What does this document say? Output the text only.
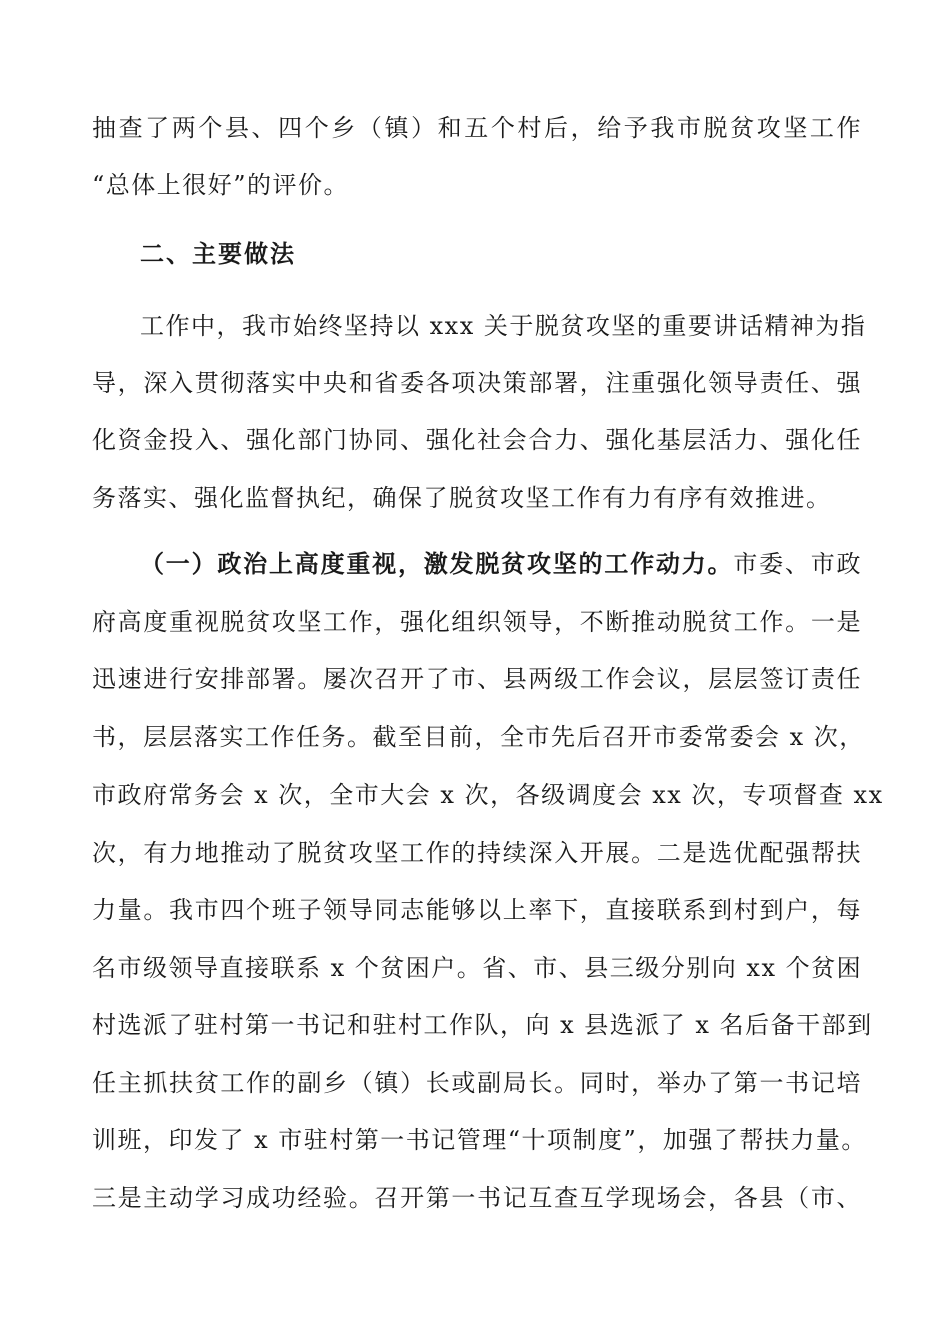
抽查了两个县、四个乡（镇）和五个村后，给予我市脱贫攻坚工作
“总体上很好”的评价。
二、主要做法
工作中，我市始终坚持以 xxx 关于脱贫攻坚的重要讲话精神为指
导，深入贯彻落实中央和省委各项决策部署，注重强化领导责任、强
化资金投入、强化部门协同、强化社会合力、强化基层活力、强化任
务落实、强化监督执纪，确保了脱贫攻坚工作有力有序有效推进。
（一）政治上高度重视，激发脱贫攻坚的工作动力。市委、市政
府高度重视脱贫攻坚工作，强化组织领导，不断推动脱贫工作。一是
迅速进行安排部署。屡次召开了市、县两级工作会议，层层签订责任
书，层层落实工作任务。截至目前，全市先后召开市委常委会 x 次，
市政府常务会 x 次，全市大会 x 次，各级调度会 xx 次，专项督查 xx
次，有力地推动了脱贫攻坚工作的持续深入开展。二是选优配强帮扶
力量。我市四个班子领导同志能够以上率下，直接联系到村到户，每
名市级领导直接联系 x 个贫困户。省、市、县三级分别向 xx 个贫困
村选派了驻村第一书记和驻村工作队，向 x 县选派了 x 名后备干部到
任主抓扶贫工作的副乡（镇）长或副局长。同时，举办了第一书记培
训班，印发了 x 市驻村第一书记管理“十项制度”，加强了帮扶力量。
三是主动学习成功经验。召开第一书记互查互学现场会，各县（市、
